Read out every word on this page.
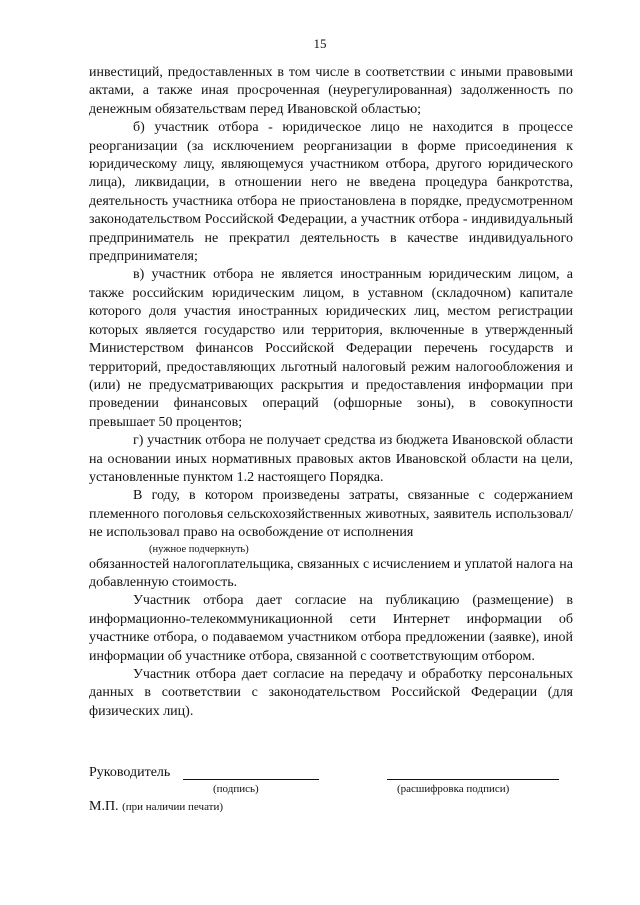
15

инвестиций, предоставленных в том числе в соответствии с иными правовыми актами, а также иная просроченная (неурегулированная) задолженность по денежным обязательствам перед Ивановской областью;

б) участник отбора - юридическое лицо не находится в процессе реорганизации (за исключением реорганизации в форме присоединения к юридическому лицу, являющемуся участником отбора, другого юридического лица), ликвидации, в отношении него не введена процедура банкротства, деятельность участника отбора не приостановлена в порядке, предусмотренном законодательством Российской Федерации, а участник отбора - индивидуальный предприниматель не прекратил деятельность в качестве индивидуального предпринимателя;

в) участник отбора не является иностранным юридическим лицом, а также российским юридическим лицом, в уставном (складочном) капитале которого доля участия иностранных юридических лиц, местом регистрации которых является государство или территория, включенные в утвержденный Министерством финансов Российской Федерации перечень государств и территорий, предоставляющих льготный налоговый режим налогообложения и (или) не предусматривающих раскрытия и предоставления информации при проведении финансовых операций (офшорные зоны), в совокупности превышает 50 процентов;

г) участник отбора не получает средства из бюджета Ивановской области на основании иных нормативных правовых актов Ивановской области на цели, установленные пунктом 1.2 настоящего Порядка.

В году, в котором произведены затраты, связанные с содержанием племенного поголовья сельскохозяйственных животных, заявитель использовал/не использовал право на освобождение от исполнения

(нужное подчеркнуть)

обязанностей налогоплательщика, связанных с исчислением и уплатой налога на добавленную стоимость.

Участник отбора дает согласие на публикацию (размещение) в информационно-телекоммуникационной сети Интернет информации об участнике отбора, о подаваемом участником отбора предложении (заявке), иной информации об участнике отбора, связанной с соответствующим отбором.

Участник отбора дает согласие на передачу и обработку персональных данных в соответствии с законодательством Российской Федерации (для физических лиц).

Руководитель
(подпись)	(расшифровка подписи)
М.П. (при наличии печати)
